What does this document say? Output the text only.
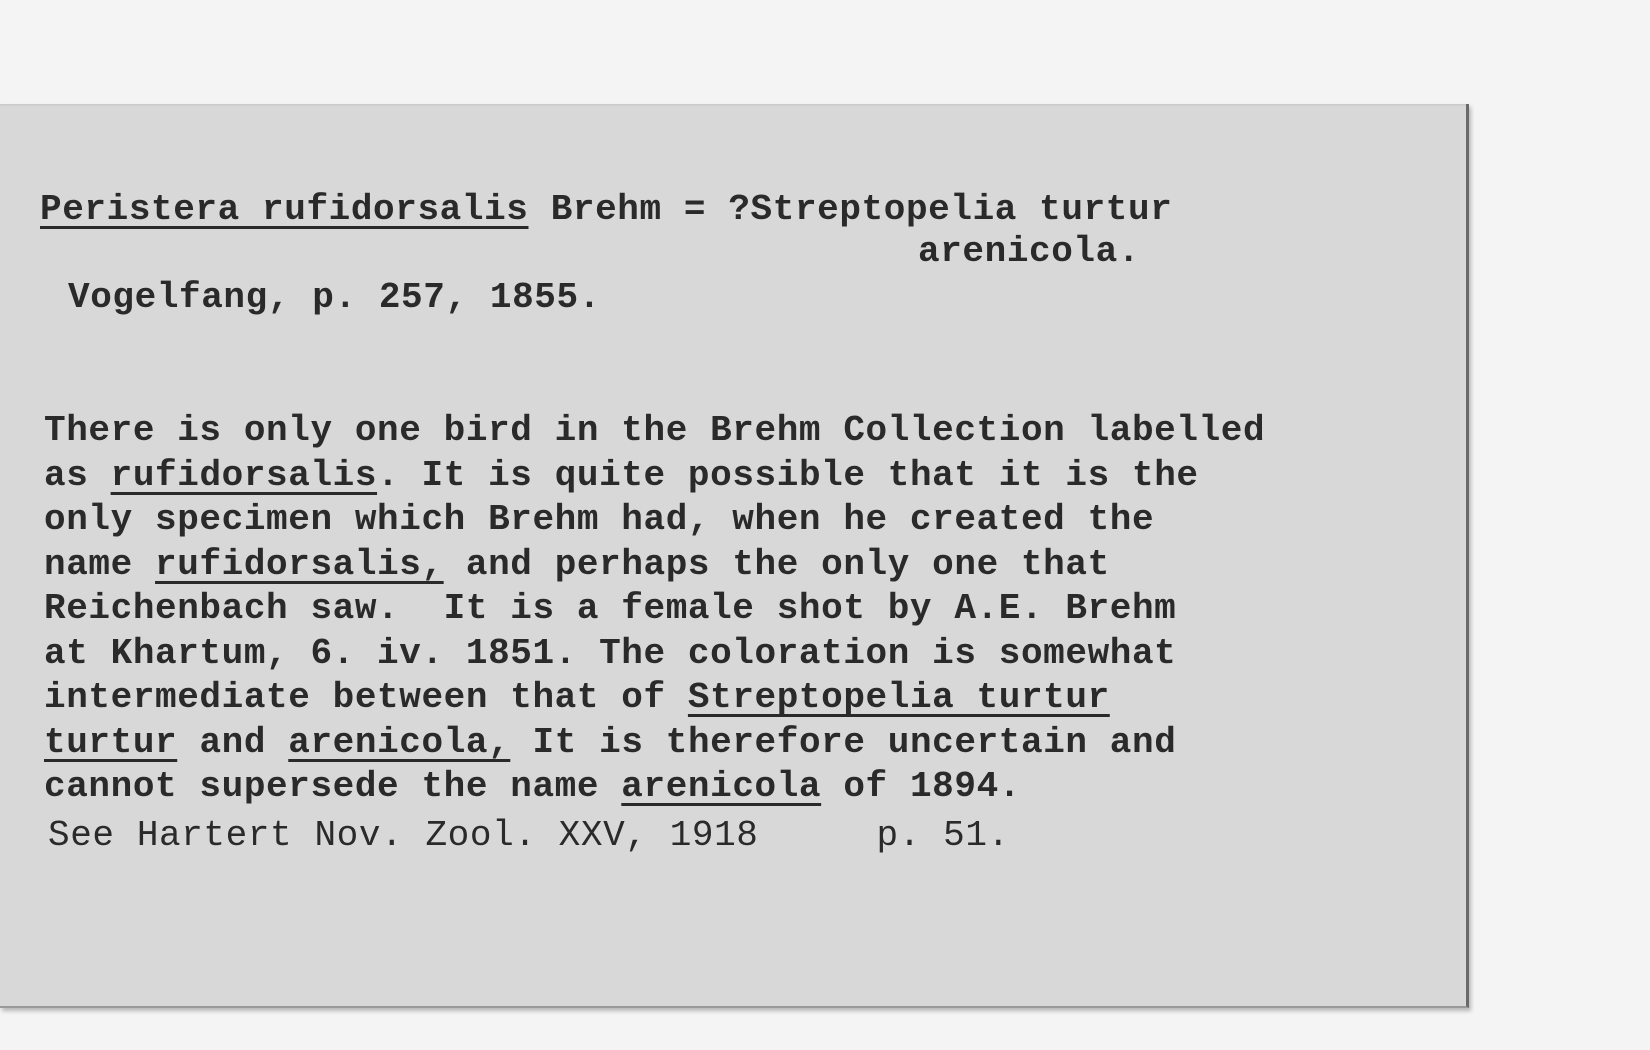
Peristera rufidorsalis Brehm = ?Streptopelia turtur

arenicola.

Vogelfang, p. 257, 1855.

There is only one bird in the Brehm Collection labelled
as rufidorsalis. It is quite possible that it is the
only specimen which Brehm had, when he created the
name rufidorsalis, and perhaps the only one that
Reichenbach saw.  It is a female shot by A.E. Brehm
at Khartum, 6. iv. 1851. The coloration is somewhat
intermediate between that of Streptopelia turtur
turtur and arenicola, It is therefore uncertain and
cannot supersede the name arenicola of 1894.

See Hartert Nov. Zool. XXV, 1918	p. 51.
